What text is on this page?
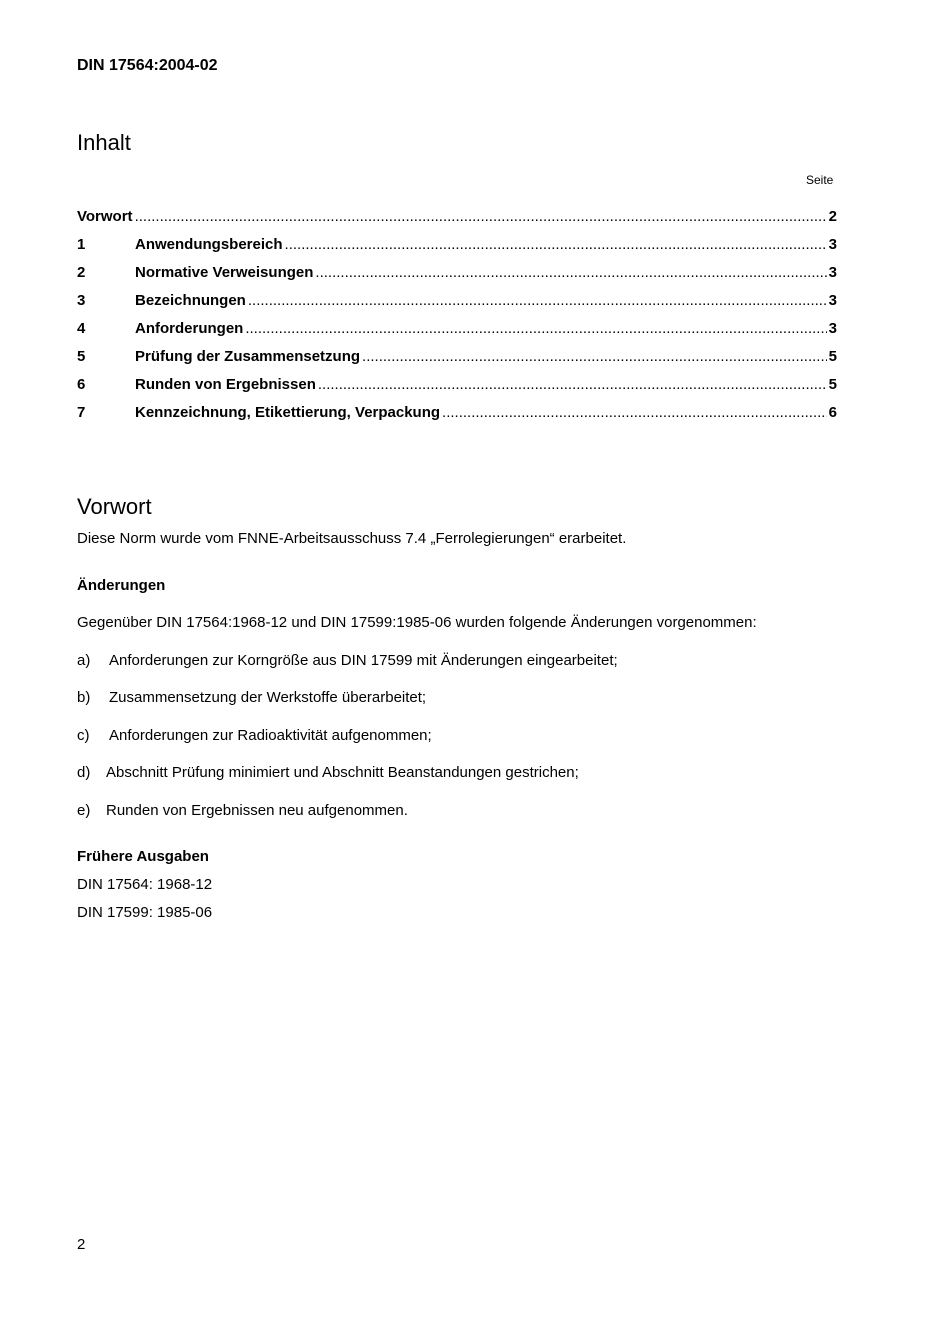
DIN 17564:2004-02
Inhalt
Seite
Vorwort .....	2
1	Anwendungsbereich .....	3
2	Normative Verweisungen .....	3
3	Bezeichnungen .....	3
4	Anforderungen .....	3
5	Prüfung der Zusammensetzung .....	5
6	Runden von Ergebnissen .....	5
7	Kennzeichnung, Etikettierung, Verpackung .....	6
Vorwort
Diese Norm wurde vom FNNE-Arbeitsausschuss 7.4 „Ferrolegierungen“ erarbeitet.
Änderungen
Gegenüber DIN 17564:1968-12 und DIN 17599:1985-06 wurden folgende Änderungen vorgenommen:
a)	Anforderungen zur Korngröße aus DIN 17599 mit Änderungen eingearbeitet;
b)	Zusammensetzung der Werkstoffe überarbeitet;
c)	Anforderungen zur Radioaktivität aufgenommen;
d)	Abschnitt Prüfung minimiert und Abschnitt Beanstandungen gestrichen;
e)	Runden von Ergebnissen neu aufgenommen.
Frühere Ausgaben
DIN 17564: 1968-12
DIN 17599: 1985-06
2
